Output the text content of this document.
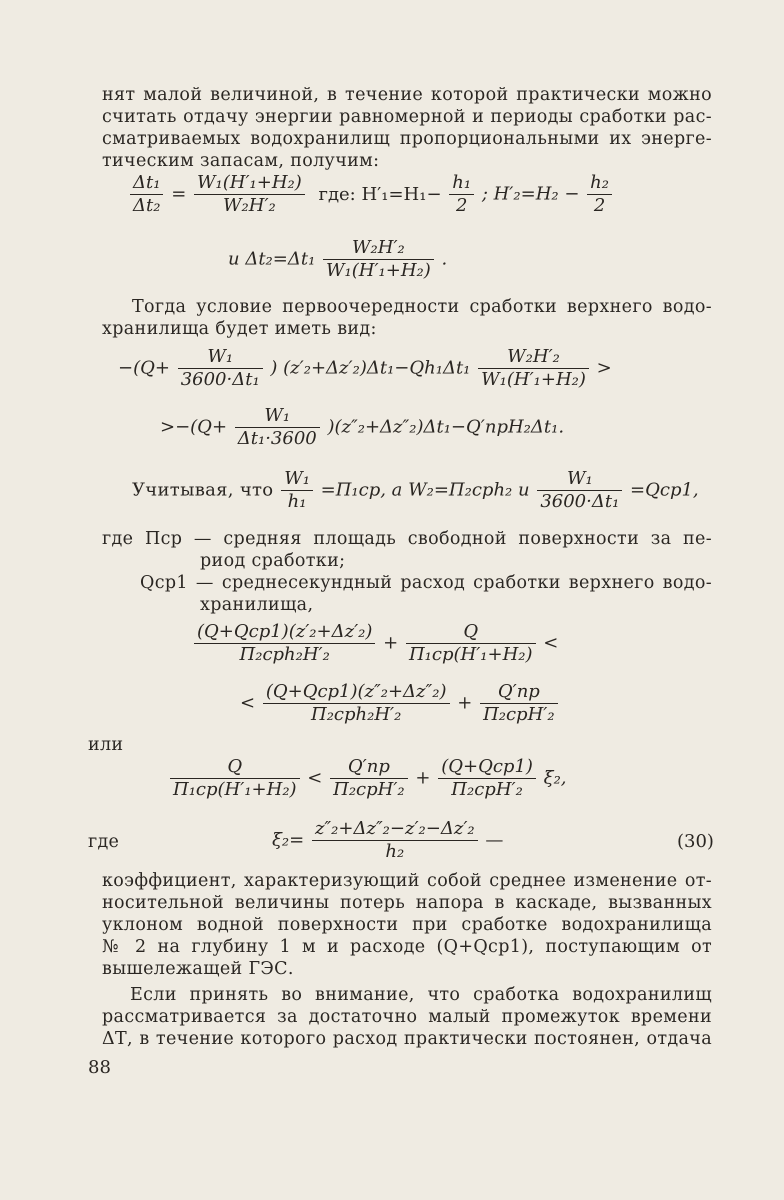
нят малой величиной, в течение которой практически можно
считать отдачу энергии равномерной и периоды сработки рас-
сматриваемых водохранилищ пропорциональными их энерге-
тическим запасам, получим:
$\frac{\text{Δt₁}}{\text{Δt₂}} = \frac{\text{W₁(H′₁+H₂)}}{\text{W₂H′₂}}$ где: $H'_1=H_1- \frac{\text{h₁}}{2}$ ; $H'_2=H_2 - \frac{\text{h₂}}{2}$
и $\Delta t_2=\Delta t_1 \frac{\text{W₂H′₂}}{\text{W₁(H′₁+H₂)}}$ .
Тогда условие первоочередности сработки верхнего водо-
хранилища будет иметь вид:
$-(Q+ \frac{\text{W₁}}{\text{3600·Δt₁}}$ ) $(z'_2+\Delta z'_2)\Delta t_1-Qh_1\Delta t_1 \frac{\text{W₂H′₂}}{\text{W₁(H′₁+H₂)}}$ >
$>-(Q+ \frac{\text{W₁}}{\text{Δt₁·3600}} )(z''_2+\Delta z''_2)\Delta t_1-Q'npH_2\Delta t_1$.
Учитывая, что $\frac{\text{W₁}}{\text{h₁}} =П_1ср$, а W₂=П₂срh₂ и $\frac{\text{W₁}}{\text{3600·Δt₁}} =Qср1$,
где Пср — средняя площадь свободной поверхности за пе-
риод сработки;
Qср1 — среднесекундный расход сработки верхнего водо-
хранилища,
$\frac{\text{(Q+Qср1)(z′₂+Δz′₂)}}{\text{П₂срh₂H′₂}} + \frac{Q}{\text{П₁ср(H′₁+H₂)}}$ <
< $\frac{\text{(Q+Qср1)(z″₂+Δz″₂)}}{\text{П₂срh₂H′₂}} + \frac{Q'пр}{\text{П₂срH′₂}}$
или
$\frac{Q}{\text{П₁ср(H′₁+H₂)}} < \frac{Q'пр}{\text{П₂срH′₂}} + \frac{\text{(Q+Qср1)}}{\text{П₂срH′₂}} \xi_2$,
где	$\xi_2= \frac{\text{z″₂+Δz″₂−z′₂−Δz′₂}}{\text{h₂}}$ —	(30)
коэффициент, характеризующий собой среднее изменение от-
носительной величины потерь напора в каскаде, вызванных
уклоном водной поверхности при сработке водохранилища
№ 2 на глубину 1 м и расходе (Q+Qср1), поступающим от
вышележащей ГЭС.
Если принять во внимание, что сработка водохранилищ
рассматривается за достаточно малый промежуток времени
ΔТ, в течение которого расход практически постоянен, отдача
88
